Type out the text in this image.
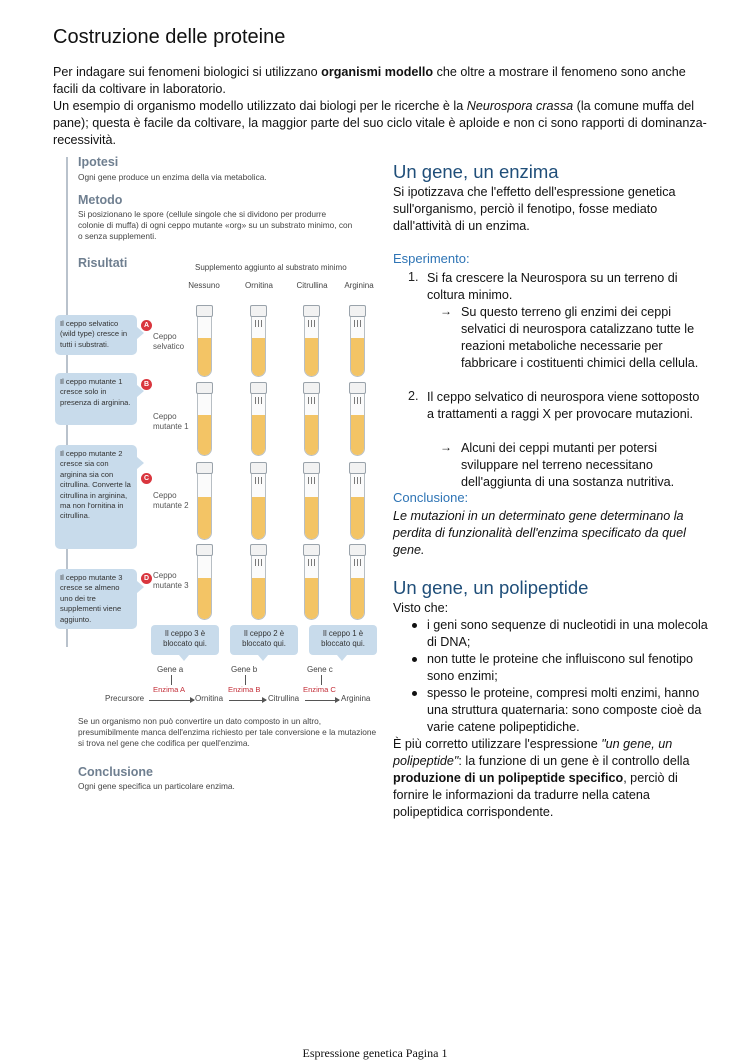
Costruzione delle proteine
Per indagare sui fenomeni biologici si utilizzano organismi modello che oltre a mostrare il fenomeno sono anche facili da coltivare in laboratorio.
Un esempio di organismo modello utilizzato dai biologi per le ricerche è la Neurospora crassa (la comune muffa del pane); questa è facile da coltivare, la maggior parte del suo ciclo vitale è aploide e non ci sono rapporti di dominanza-recessività.
Ipotesi
Ogni gene produce un enzima della via metabolica.
Metodo
Si posizionano le spore (cellule singole che si dividono per produrre colonie di muffa) di ogni ceppo mutante «org» su un substrato minimo, con o senza supplementi.
Risultati	Supplemento aggiunto al substrato minimo
Nessuno	Ornitina	Citrullina	Arginina
Il ceppo selvatico (wild type) cresce in tutti i substrati.
A
Ceppo selvatico
Il ceppo mutante 1 cresce solo in presenza di arginina.
B
Ceppo mutante 1
Il ceppo mutante 2 cresce sia con arginina sia con citrullina. Converte la citrullina in arginina, ma non l'ornitina in citrullina.
C
Ceppo mutante 2
Il ceppo mutante 3 cresce se almeno uno dei tre supplementi viene aggiunto.
D Ceppo mutante 3
Il ceppo 3 è bloccato qui.
Il ceppo 2 è bloccato qui.
Il ceppo 1 è bloccato qui.
Gene a	Gene b	Gene c
Enzima A	Enzima B	Enzima C
Precursore	Ornitina	Citrullina	Arginina
Se un organismo non può convertire un dato composto in un altro, presumibilmente manca dell'enzima richiesto per tale conversione e la mutazione si trova nel gene che codifica per quell'enzima.
Conclusione
Ogni gene specifica un particolare enzima.
Un gene, un enzima
Si ipotizzava che l'effetto dell'espressione genetica sull'organismo, perciò il fenotipo, fosse mediato dall'attività di un enzima.
Esperimento:
1. Si fa crescere la Neurospora su un terreno di coltura minimo.
→ Su questo terreno gli enzimi dei ceppi selvatici di neurospora catalizzano tutte le reazioni metaboliche necessarie per fabbricare i costituenti chimici della cellula.
2. Il ceppo selvatico di neurospora viene sottoposto a trattamenti a raggi X per provocare mutazioni.
→ Alcuni dei ceppi mutanti per potersi sviluppare nel terreno necessitano dell'aggiunta di una sostanza nutritiva.
Conclusione:
Le mutazioni in un determinato gene determinano la perdita di funzionalità dell'enzima specificato da quel gene.
Un gene, un polipeptide
Visto che:
i geni sono sequenze di nucleotidi in una molecola di DNA;
non tutte le proteine che influiscono sul fenotipo sono enzimi;
spesso le proteine, compresi molti enzimi, hanno una struttura quaternaria: sono composte cioè da varie catene polipeptidiche.
È più corretto utilizzare l'espressione "un gene, un polipeptide": la funzione di un gene è il controllo della produzione di un polipeptide specifico, perciò di fornire le informazioni da tradurre nella catena polipeptidica corrispondente.
Espressione genetica Pagina 1
